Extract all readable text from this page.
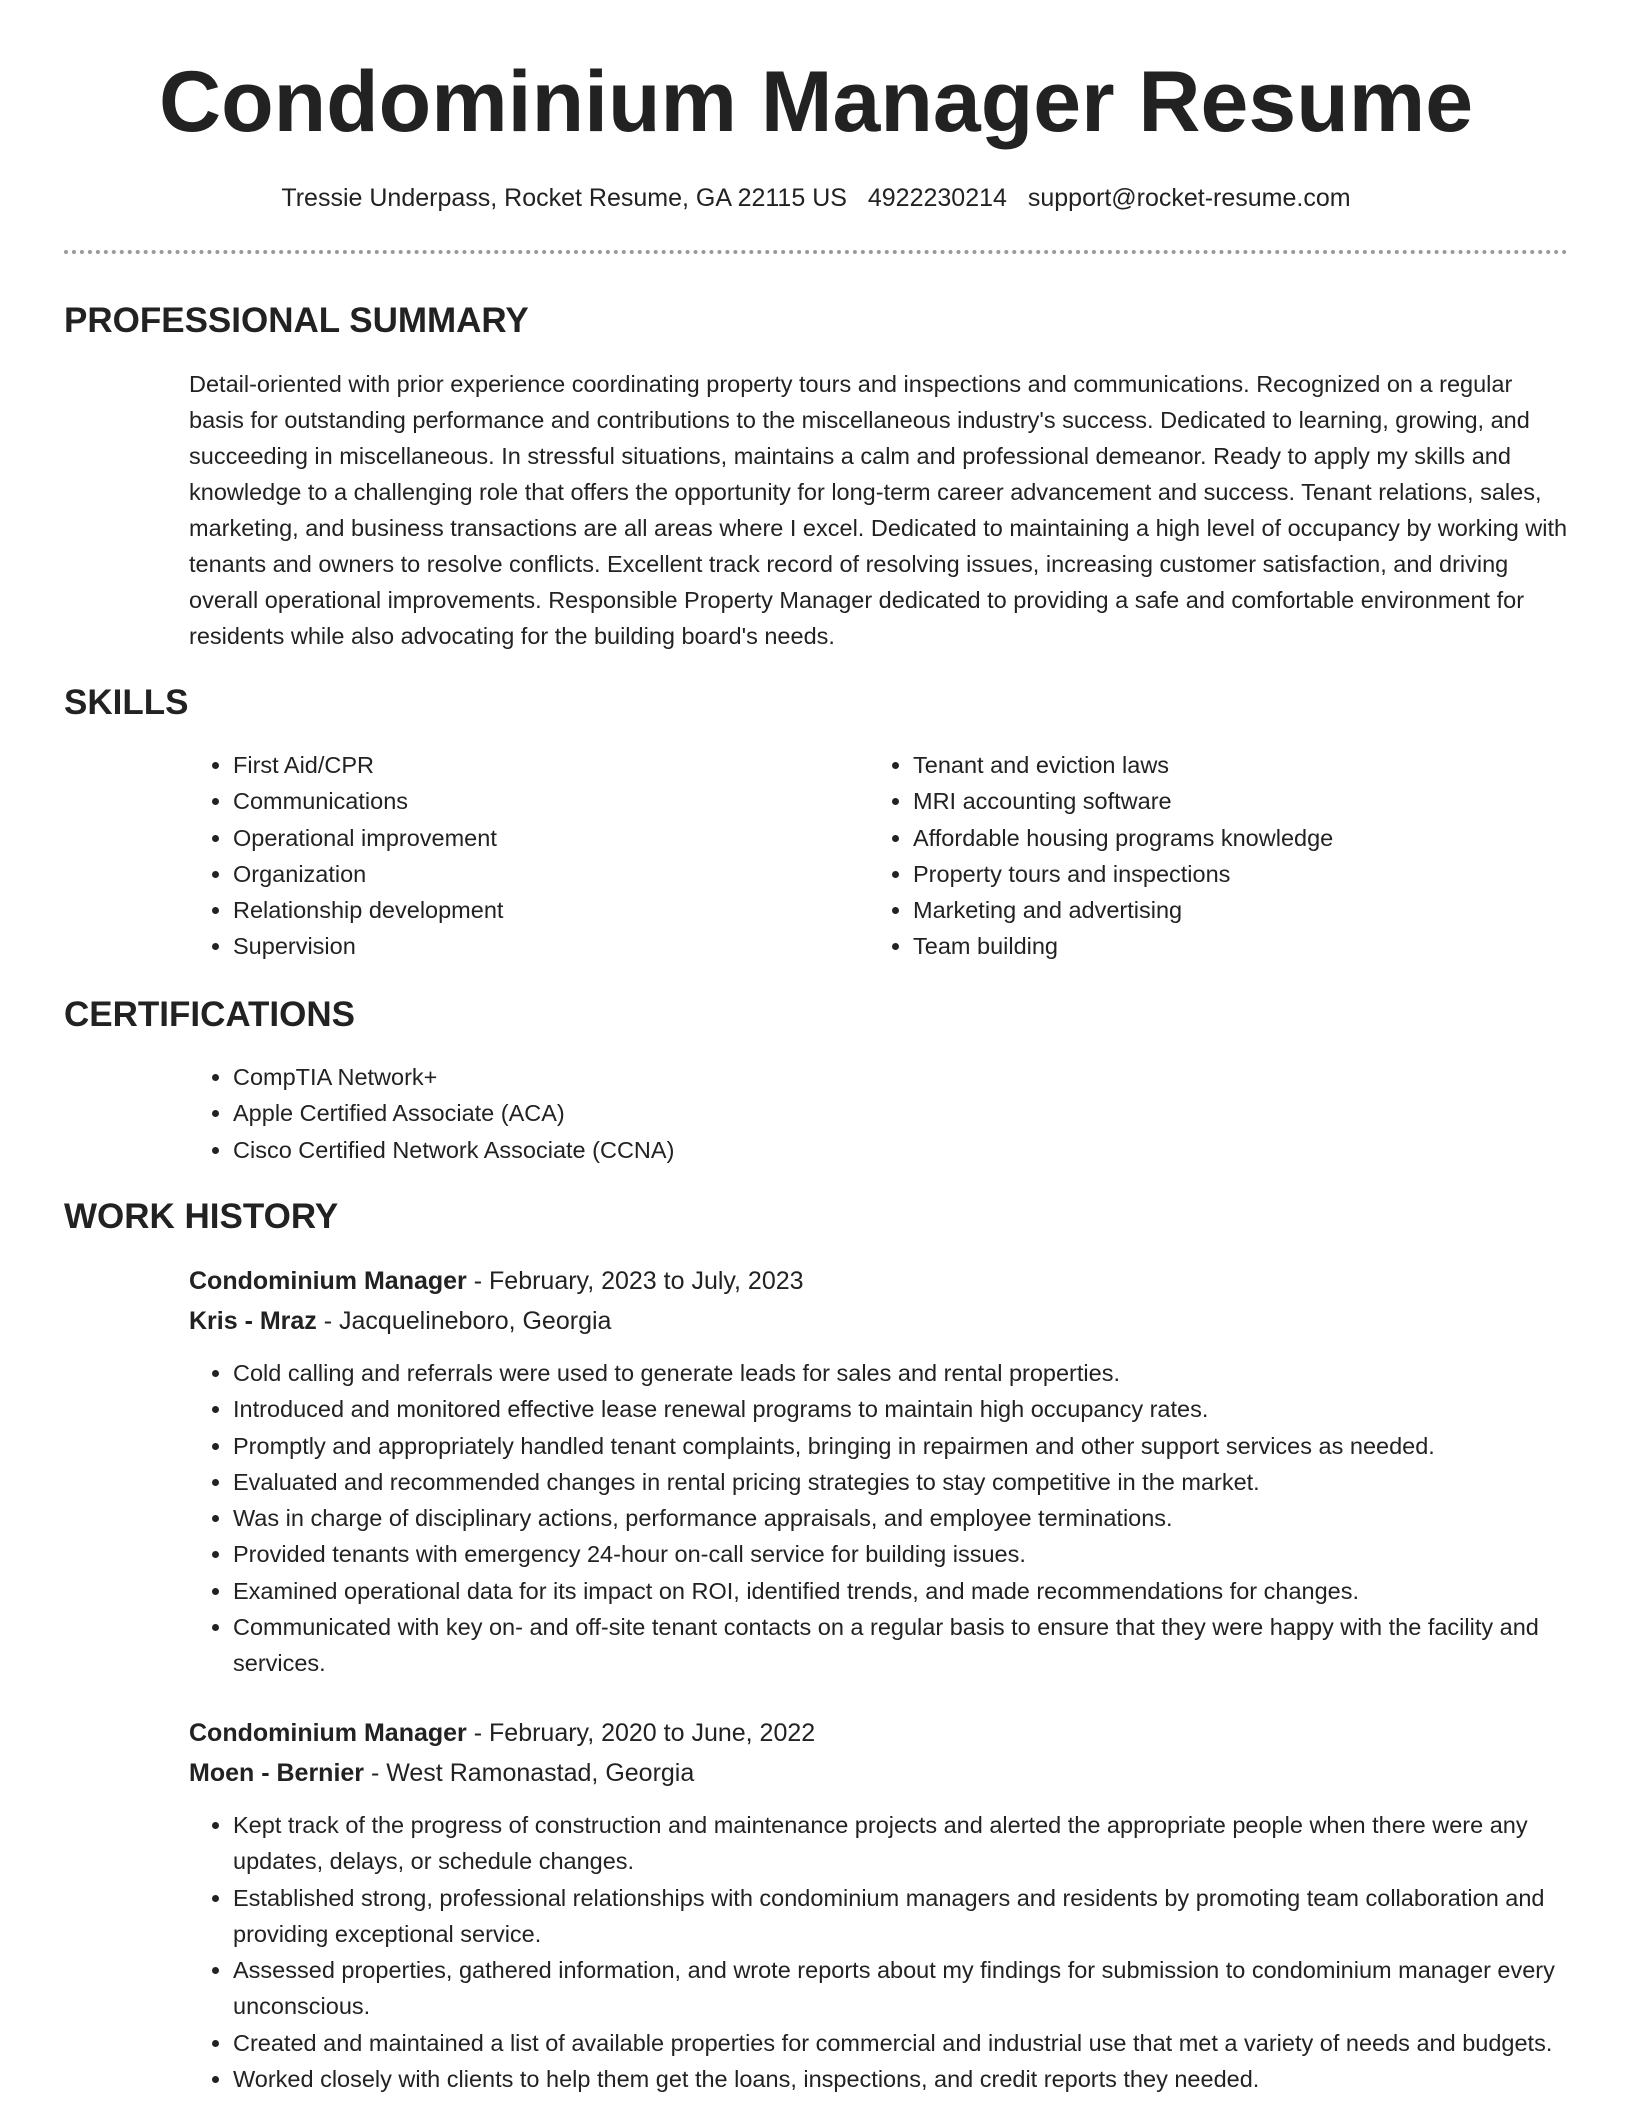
Condominium Manager Resume
Tressie Underpass, Rocket Resume, GA 22115 US 4922230214 support@rocket-resume.com
PROFESSIONAL SUMMARY

Detail-oriented with prior experience coordinating property tours and inspections and communications. Recognized on a regular basis for outstanding performance and contributions to the miscellaneous industry's success. Dedicated to learning, growing, and succeeding in miscellaneous. In stressful situations, maintains a calm and professional demeanor. Ready to apply my skills and knowledge to a challenging role that offers the opportunity for long-term career advancement and success. Tenant relations, sales, marketing, and business transactions are all areas where I excel. Dedicated to maintaining a high level of occupancy by working with tenants and owners to resolve conflicts. Excellent track record of resolving issues, increasing customer satisfaction, and driving overall operational improvements. Responsible Property Manager dedicated to providing a safe and comfortable environment for residents while also advocating for the building board's needs.

SKILLS
• First Aid/CPR
• Communications
• Operational improvement
• Organization
• Relationship development
• Supervision
• Tenant and eviction laws
• MRI accounting software
• Affordable housing programs knowledge
• Property tours and inspections
• Marketing and advertising
• Team building
CERTIFICATIONS
• CompTIA Network+
• Apple Certified Associate (ACA)
• Cisco Certified Network Associate (CCNA)
WORK HISTORY
Condominium Manager - February, 2023 to July, 2023
Kris - Mraz - Jacquelineboro, Georgia
• Cold calling and referrals were used to generate leads for sales and rental properties.
• Introduced and monitored effective lease renewal programs to maintain high occupancy rates.
• Promptly and appropriately handled tenant complaints, bringing in repairmen and other support services as needed.
• Evaluated and recommended changes in rental pricing strategies to stay competitive in the market.
• Was in charge of disciplinary actions, performance appraisals, and employee terminations.
• Provided tenants with emergency 24-hour on-call service for building issues.
• Examined operational data for its impact on ROI, identified trends, and made recommendations for changes.
• Communicated with key on- and off-site tenant contacts on a regular basis to ensure that they were happy with the facility and services.
Condominium Manager - February, 2020 to June, 2022
Moen - Bernier - West Ramonastad, Georgia
• Kept track of the progress of construction and maintenance projects and alerted the appropriate people when there were any updates, delays, or schedule changes.
• Established strong, professional relationships with condominium managers and residents by promoting team collaboration and providing exceptional service.
• Assessed properties, gathered information, and wrote reports about my findings for submission to condominium manager every unconscious.
• Created and maintained a list of available properties for commercial and industrial use that met a variety of needs and budgets.
• Worked closely with clients to help them get the loans, inspections, and credit reports they needed.
